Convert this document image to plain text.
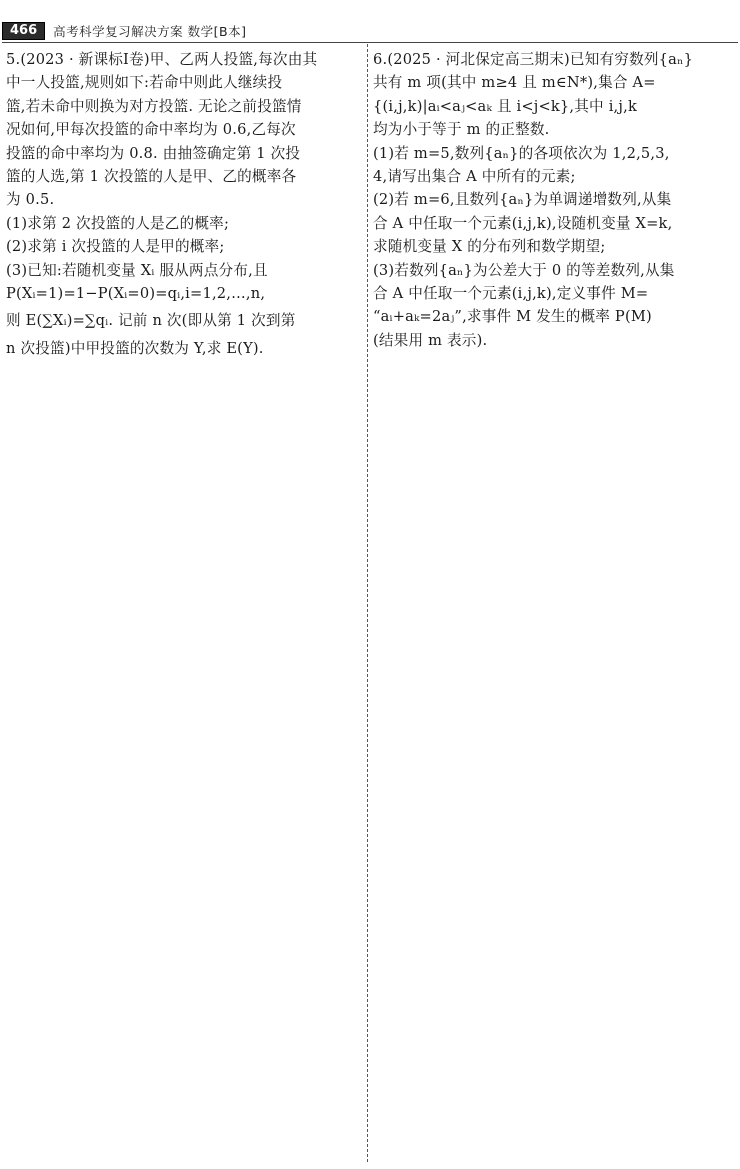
466	高考科学复习解决方案 数学[B本]
5.(2023 · 新课标Ⅰ卷)甲、乙两人投篮,每次由其
中一人投篮,规则如下:若命中则此人继续投
篮,若未命中则换为对方投篮. 无论之前投篮情
况如何,甲每次投篮的命中率均为 0.6,乙每次
投篮的命中率均为 0.8. 由抽签确定第 1 次投
篮的人选,第 1 次投篮的人是甲、乙的概率各
为 0.5.
(1)求第 2 次投篮的人是乙的概率;
(2)求第 i 次投篮的人是甲的概率;
(3)已知:若随机变量 Xᵢ 服从两点分布,且
P(Xᵢ=1)=1−P(Xᵢ=0)=qᵢ,i=1,2,…,n,
则 E(∑Xᵢ)=∑qᵢ. 记前 n 次(即从第 1 次到第
n 次投篮)中甲投篮的次数为 Y,求 E(Y).
6.(2025 · 河北保定高三期末)已知有穷数列{aₙ}
共有 m 项(其中 m≥4 且 m∈N*),集合 A=
{(i,j,k)|aᵢ<aⱼ<aₖ 且 i<j<k},其中 i,j,k
均为小于等于 m 的正整数.
(1)若 m=5,数列{aₙ}的各项依次为 1,2,5,3,
4,请写出集合 A 中所有的元素;
(2)若 m=6,且数列{aₙ}为单调递增数列,从集
合 A 中任取一个元素(i,j,k),设随机变量 X=k,
求随机变量 X 的分布列和数学期望;
(3)若数列{aₙ}为公差大于 0 的等差数列,从集
合 A 中任取一个元素(i,j,k),定义事件 M=
“aᵢ+aₖ=2aⱼ”,求事件 M 发生的概率 P(M)
(结果用 m 表示).
